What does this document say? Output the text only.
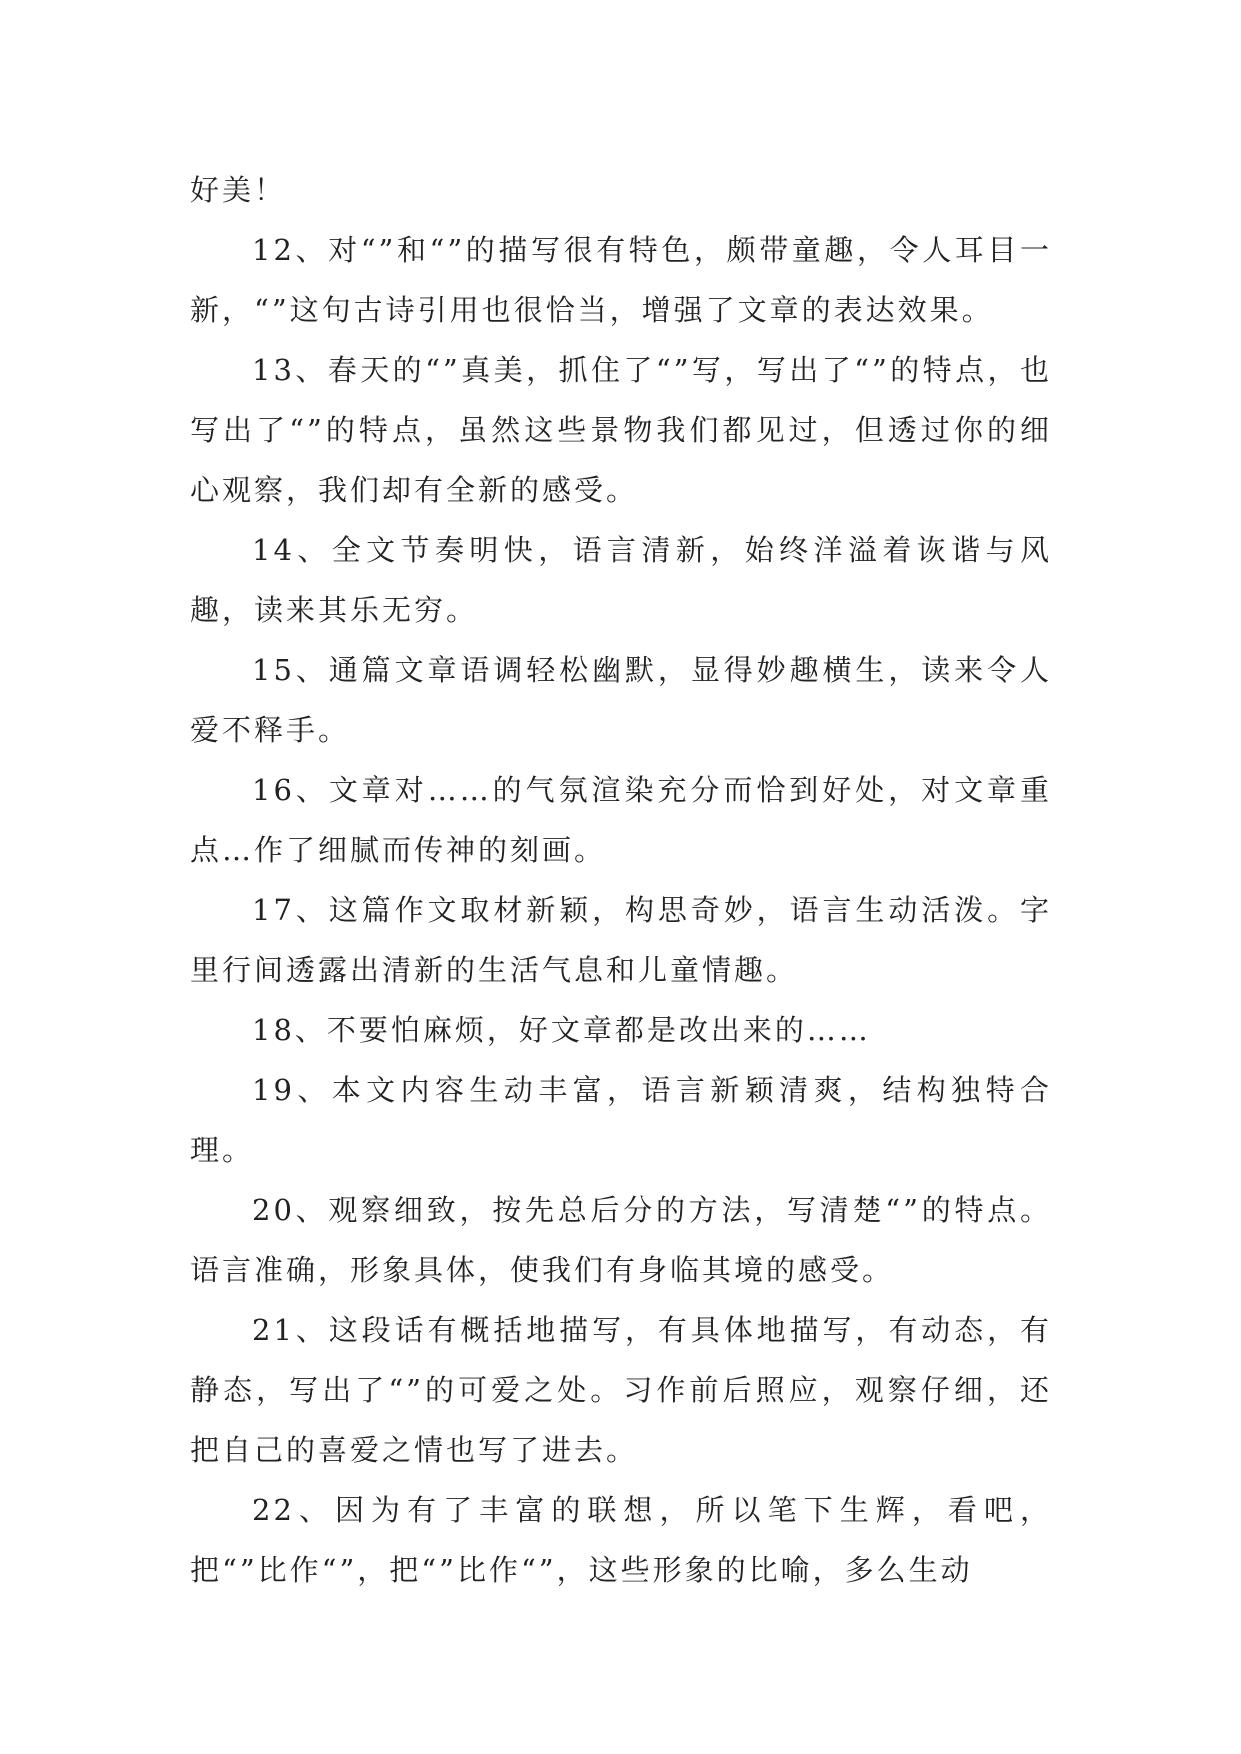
好美！

12、对“”和“”的描写很有特色，颇带童趣，令人耳目一新，“”这句古诗引用也很恰当，增强了文章的表达效果。

13、春天的“”真美，抓住了“”写，写出了“”的特点，也写出了“”的特点，虽然这些景物我们都见过，但透过你的细心观察，我们却有全新的感受。

14、全文节奏明快，语言清新，始终洋溢着诙谐与风趣，读来其乐无穷。

15、通篇文章语调轻松幽默，显得妙趣横生，读来令人爱不释手。

16、文章对……的气氛渲染充分而恰到好处，对文章重点…作了细腻而传神的刻画。

17、这篇作文取材新颖，构思奇妙，语言生动活泼。字里行间透露出清新的生活气息和儿童情趣。

18、不要怕麻烦，好文章都是改出来的……

19、本文内容生动丰富，语言新颖清爽，结构独特合理。

20、观察细致，按先总后分的方法，写清楚“”的特点。语言准确，形象具体，使我们有身临其境的感受。

21、这段话有概括地描写，有具体地描写，有动态，有静态，写出了“”的可爱之处。习作前后照应，观察仔细，还把自己的喜爱之情也写了进去。

22、因为有了丰富的联想，所以笔下生辉，看吧，把“”比作“”，把“”比作“”，这些形象的比喻，多么生动
